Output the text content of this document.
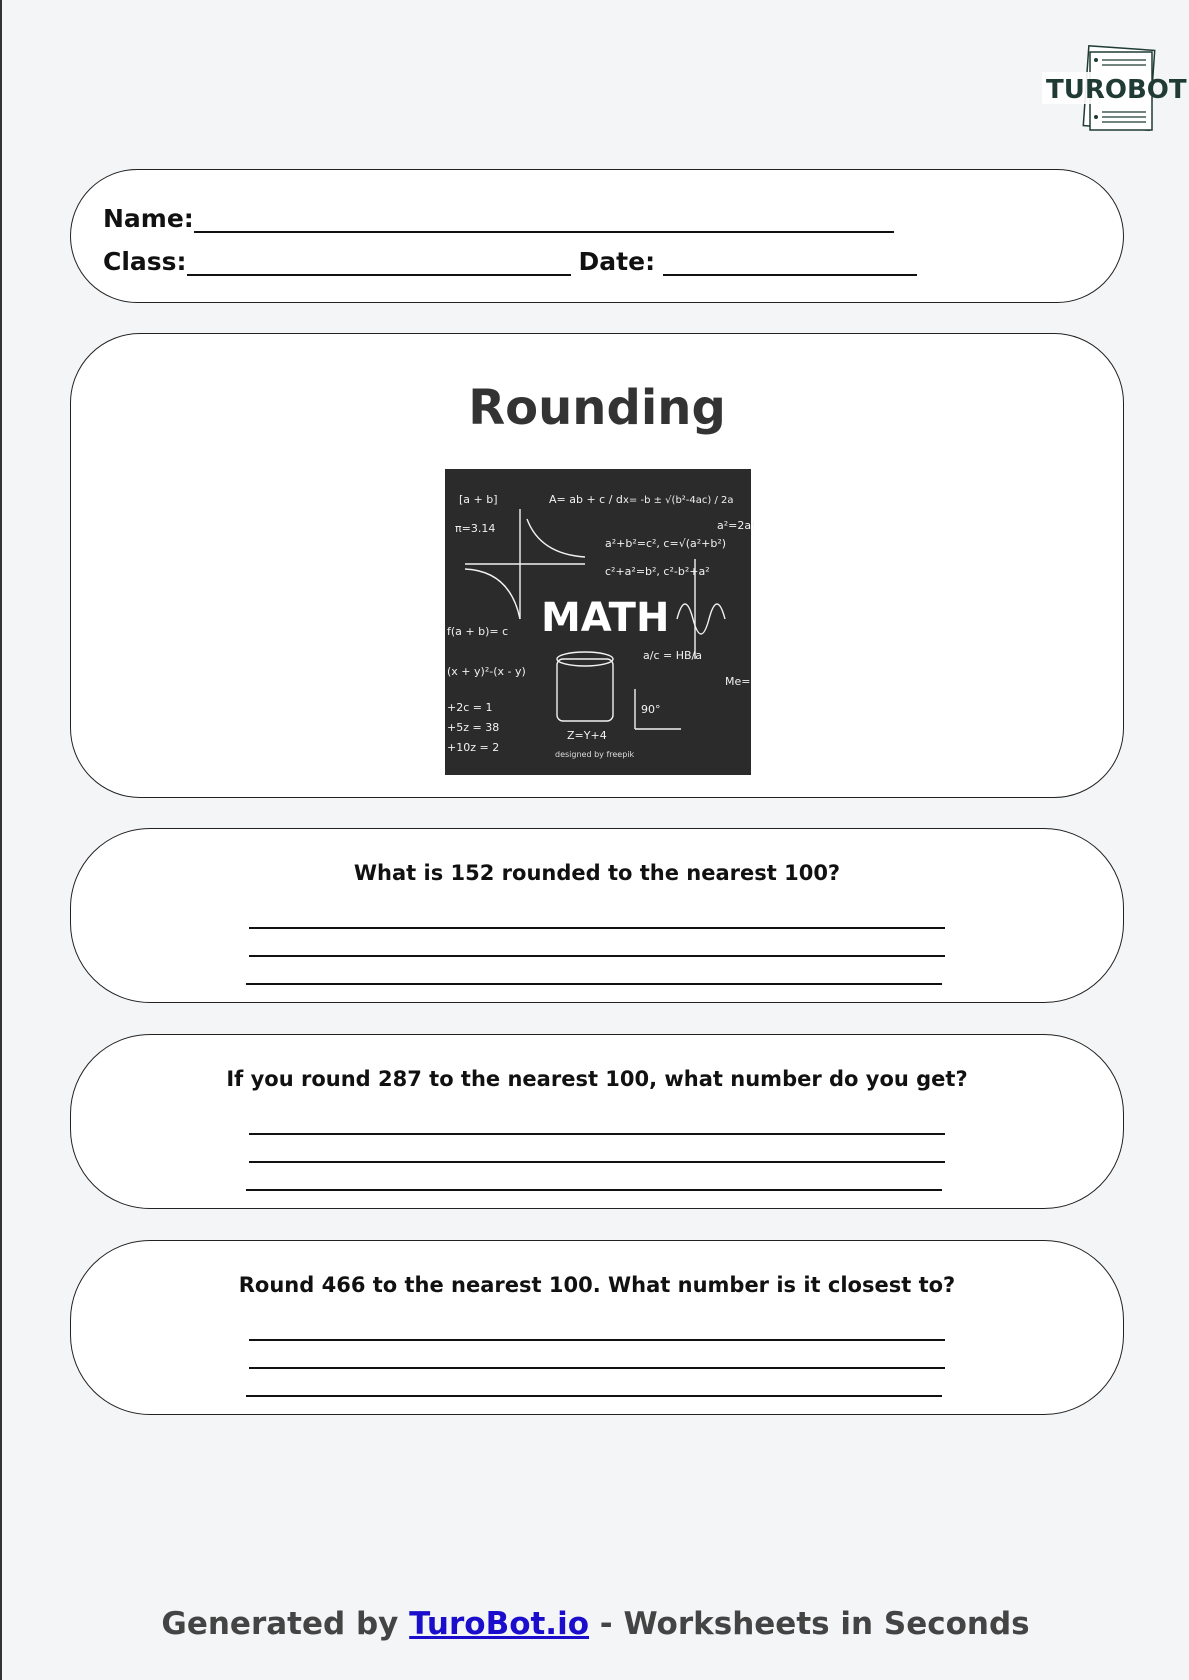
TUROBOT
Name:
Class:	Date:
Rounding
[a + b]	A= ab + c / d x= -b ± √(b²-4ac) / 2a
π=3.14
a²+b²=c², c=√(a²+b²)
c²+a²=b², c²-b²+a²
f(a + b)= c
(x + y)²-(x - y)
a/c = HB/a
+2c = 1
+5z = 38
+10z = 2
Z=Y+4
90°
Me=
a²=2a!
MATH
designed by freepik
What is 152 rounded to the nearest 100?
If you round 287 to the nearest 100, what number do you get?
Round 466 to the nearest 100. What number is it closest to?
Generated by TuroBot.io - Worksheets in Seconds
